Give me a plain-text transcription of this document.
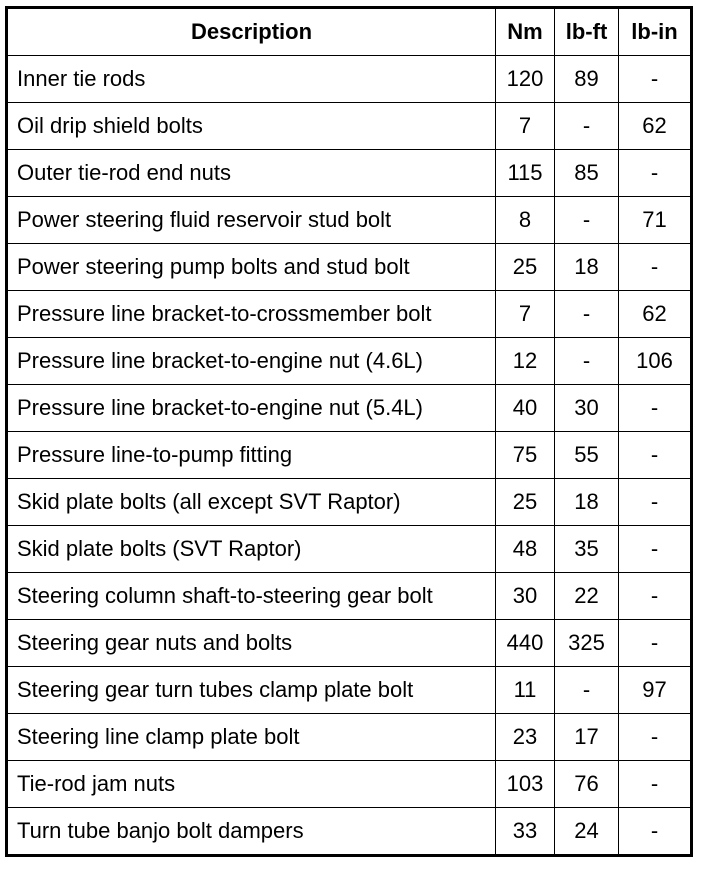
Description	Nm	lb-ft	lb-in
Inner tie rods	120	89	-
Oil drip shield bolts	7	-	62
Outer tie-rod end nuts	115	85	-
Power steering fluid reservoir stud bolt	8	-	71
Power steering pump bolts and stud bolt	25	18	-
Pressure line bracket-to-crossmember bolt	7	-	62
Pressure line bracket-to-engine nut (4.6L)	12	-	106
Pressure line bracket-to-engine nut (5.4L)	40	30	-
Pressure line-to-pump fitting	75	55	-
Skid plate bolts (all except SVT Raptor)	25	18	-
Skid plate bolts (SVT Raptor)	48	35	-
Steering column shaft-to-steering gear bolt	30	22	-
Steering gear nuts and bolts	440	325	-
Steering gear turn tubes clamp plate bolt	11	-	97
Steering line clamp plate bolt	23	17	-
Tie-rod jam nuts	103	76	-
Turn tube banjo bolt dampers	33	24	-
